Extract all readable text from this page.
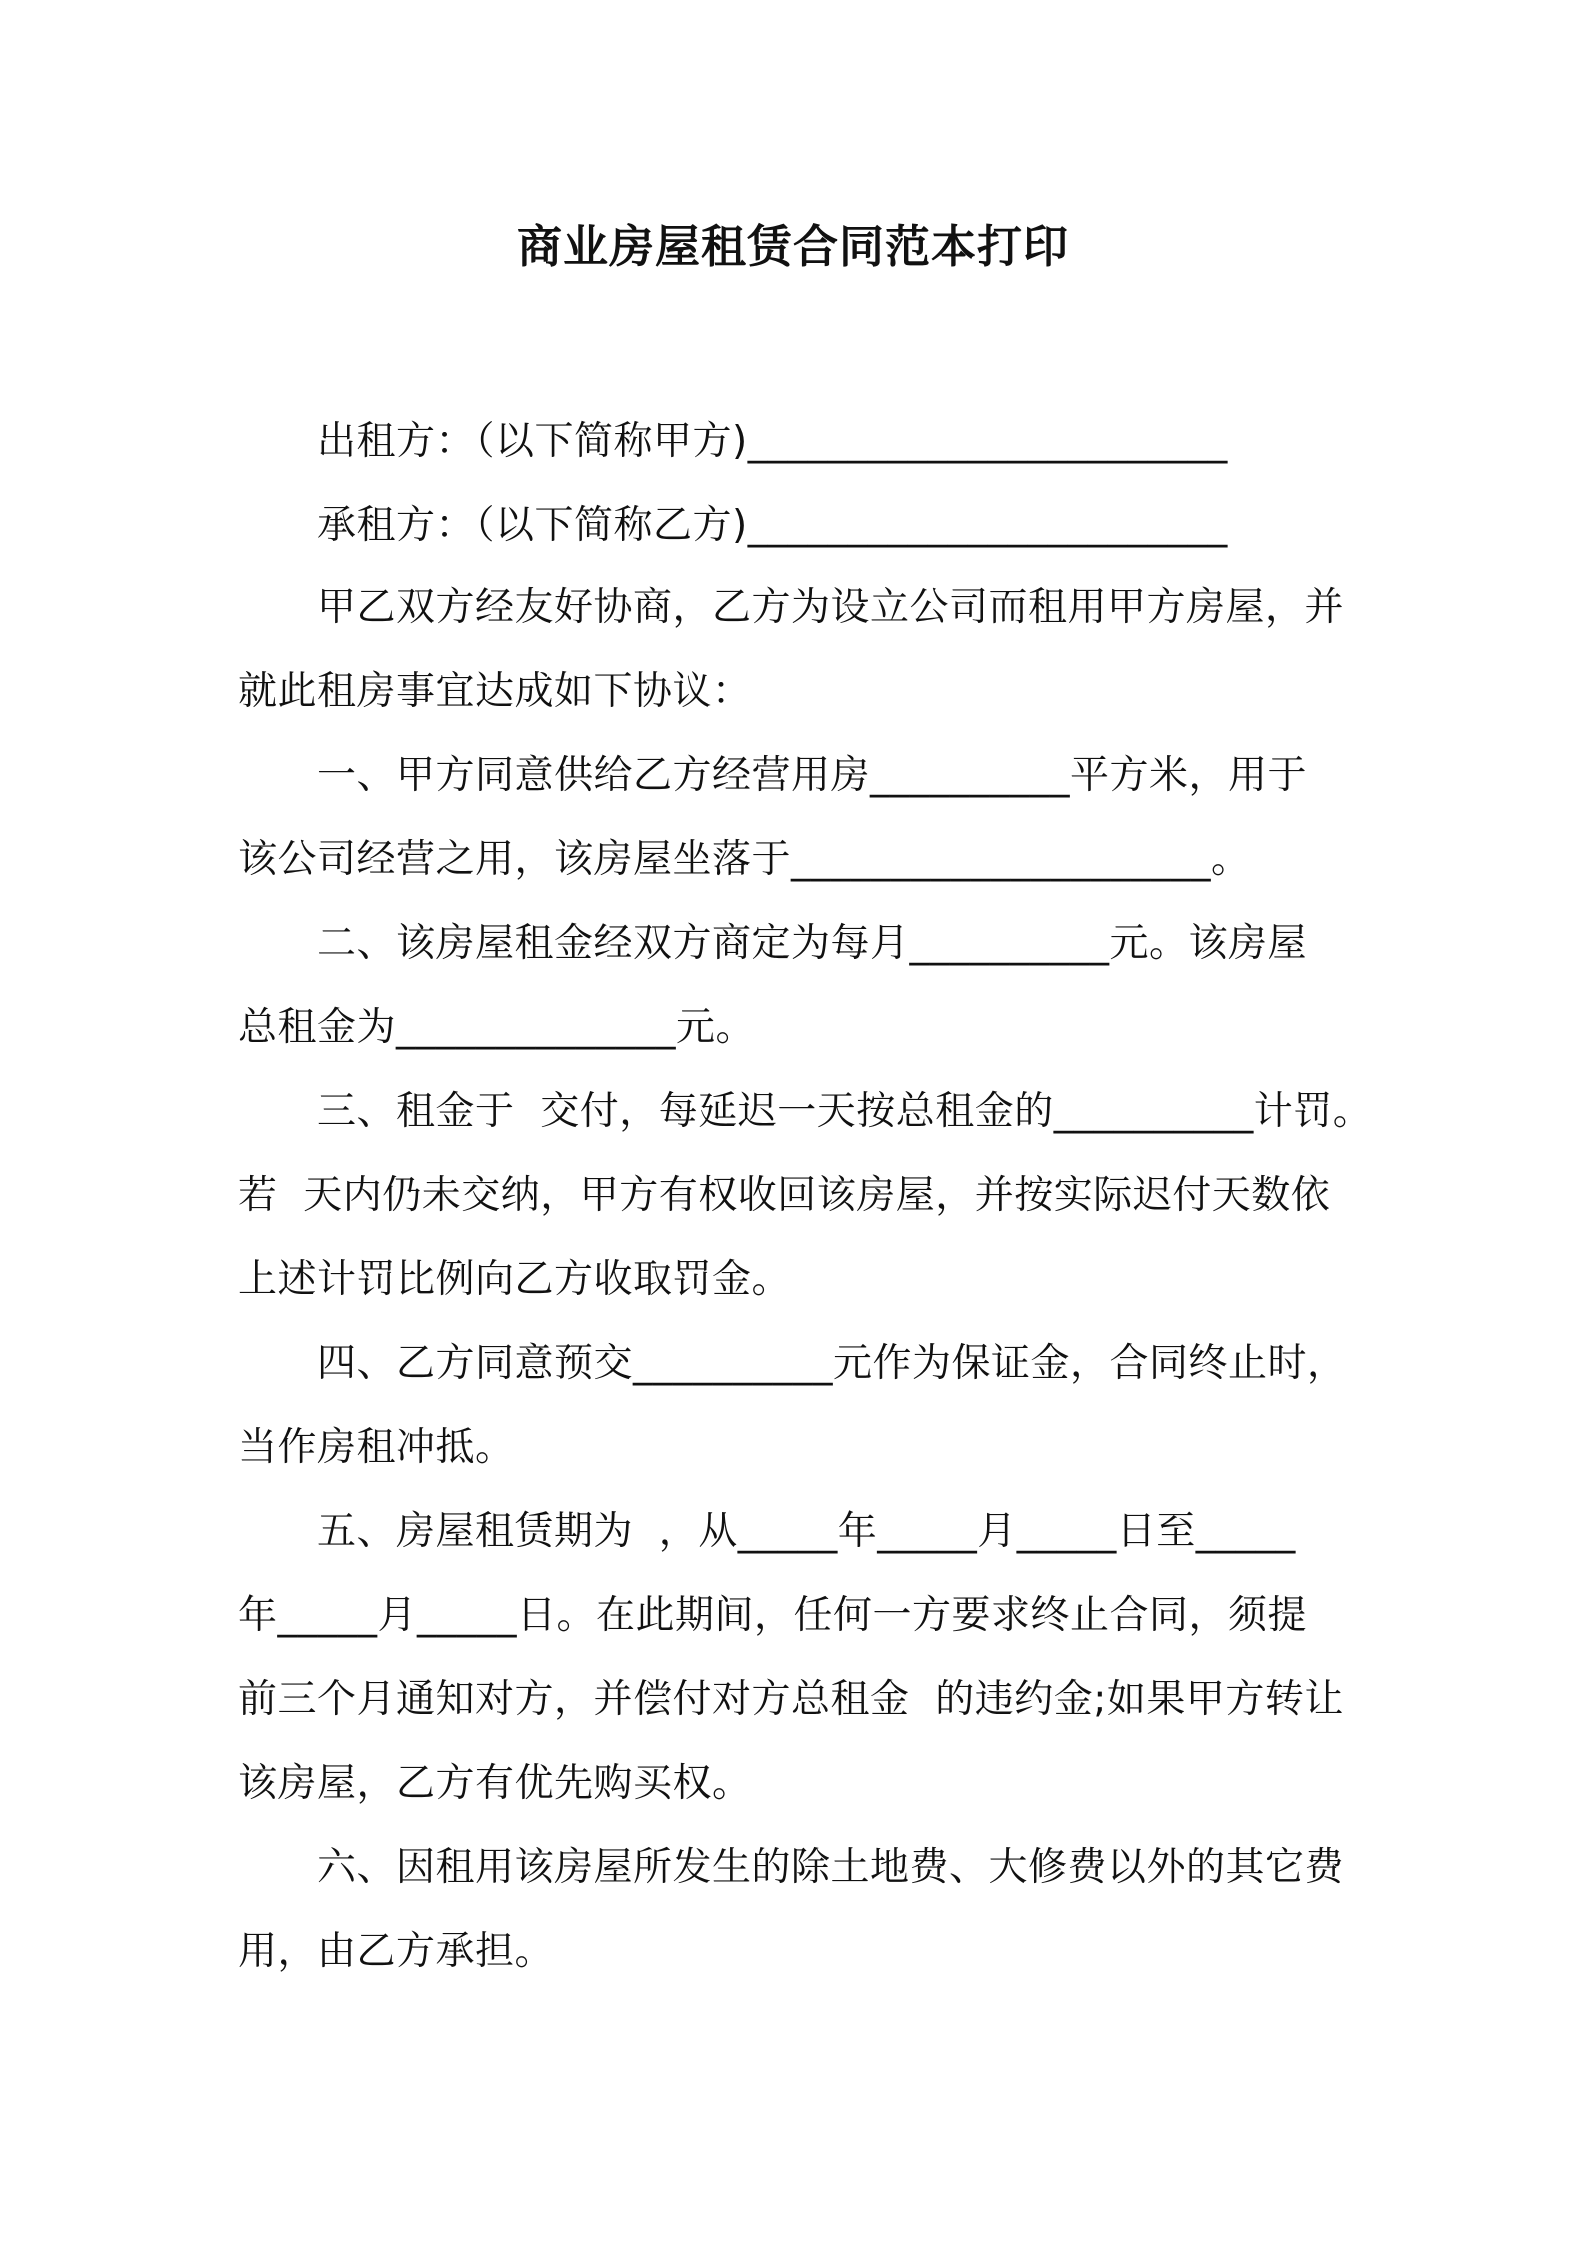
商业房屋租赁合同范本打印
　　出租方：（以下简称甲方)________________________
　　承租方：（以下简称乙方)________________________
　　甲乙双方经友好协商，乙方为设立公司而租用甲方房屋，并
就此租房事宜达成如下协议：
　　一、甲方同意供给乙方经营用房__________平方米，用于
该公司经营之用，该房屋坐落于_____________________。
　　二、该房屋租金经双方商定为每月__________元。该房屋
总租金为______________元。
　　三、租金于  交付，每延迟一天按总租金的__________计罚。
若  天内仍未交纳，甲方有权收回该房屋，并按实际迟付天数依
上述计罚比例向乙方收取罚金。
　　四、乙方同意预交__________元作为保证金，合同终止时，
当作房租冲抵。
　　五、房屋租赁期为  ，从_____年_____月_____日至_____
年_____月_____日。在此期间，任何一方要求终止合同，须提
前三个月通知对方，并偿付对方总租金  的违约金;如果甲方转让
该房屋，乙方有优先购买权。
　　六、因租用该房屋所发生的除土地费、大修费以外的其它费
用，由乙方承担。
